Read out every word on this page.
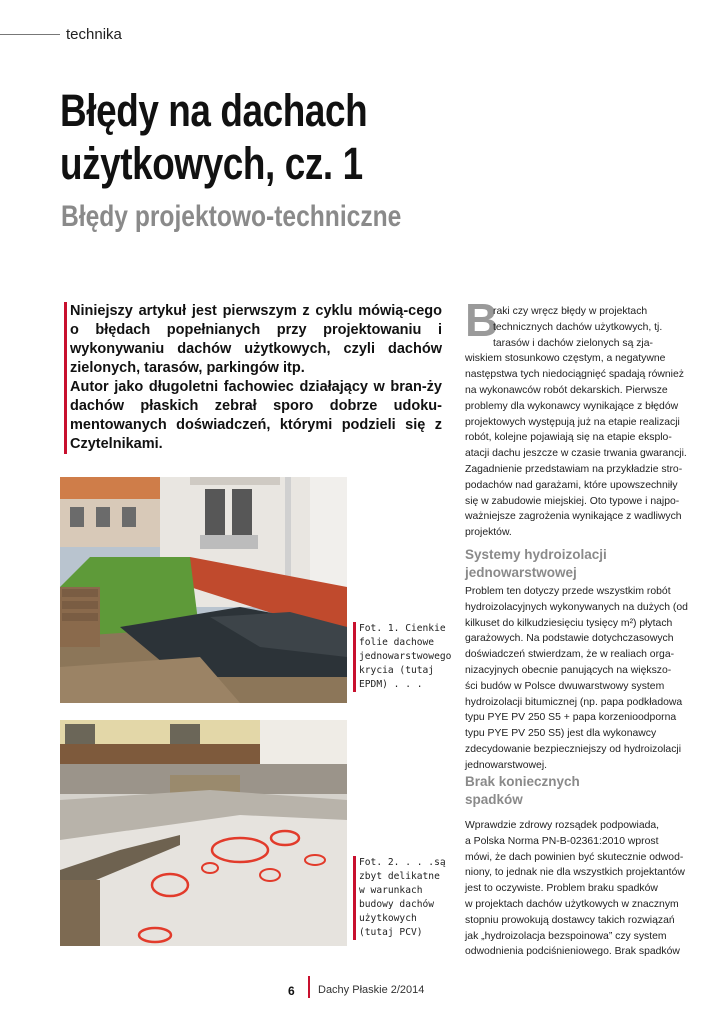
technika
Błędy na dachach
użytkowych, cz. 1
Błędy projektowo-techniczne

Niniejszy artykuł jest pierwszym z cyklu mówią-cego o błędach popełnianych przy projektowaniu i wykonywaniu dachów użytkowych, czyli dachów zielonych, tarasów, parkingów itp.

Autor jako długoletni fachowiec działający w bran-ży dachów płaskich zebrał sporo dobrze udoku-mentowanych doświadczeń, którymi podzieli się z Czytelnikami.

Fot. 1. Cienkie
folie dachowe
jednowarstwowego
krycia (tutaj
EPDM) . . .
Fot. 2. . . .są
zbyt delikatne
w warunkach
budowy dachów
użytkowych
(tutaj PCV)
B
raki czy wręcz błędy w projektach
technicznych dachów użytkowych, tj.
tarasów i dachów zielonych są zja-
wiskiem stosunkowo częstym, a negatywne
następstwa tych niedociągnięć spadają również
na wykonawców robót dekarskich. Pierwsze
problemy dla wykonawcy wynikające z błędów
projektowych występują już na etapie realizacji
robót, kolejne pojawiają się na etapie eksplo-
atacji dachu jeszcze w czasie trwania gwarancji.
Zagadnienie przedstawiam na przykładzie stro-
podachów nad garażami, które upowszechniły
się w zabudowie miejskiej. Oto typowe i najpo-
ważniejsze zagrożenia wynikające z wadliwych
projektów.
Systemy hydroizolacji
jednowarstwowej
Problem ten dotyczy przede wszystkim robót
hydroizolacyjnych wykonywanych na dużych (od
kilkuset do kilkudziesięciu tysięcy m²) płytach
garażowych. Na podstawie dotychczasowych
doświadczeń stwierdzam, że w realiach orga-
nizacyjnych obecnie panujących na większo-
ści budów w Polsce dwuwarstwowy system
hydroizolacji bitumicznej (np. papa podkładowa
typu PYE PV 250 S5 + papa korzenioodporna
typu PYE PV 250 S5) jest dla wykonawcy
zdecydowanie bezpieczniejszy od hydroizolacji
jednowarstwowej.
Brak koniecznych
spadków
Wprawdzie zdrowy rozsądek podpowiada,
a Polska Norma PN-B-02361:2010 wprost
mówi, że dach powinien być skutecznie odwod-
niony, to jednak nie dla wszystkich projektantów
jest to oczywiste. Problem braku spadków
w projektach dachów użytkowych w znacznym
stopniu prowokują dostawcy takich rozwiązań
jak „hydroizolacja bezspoinowa” czy system
odwodnienia podciśnieniowego. Brak spadków
6 Dachy Płaskie 2/2014
